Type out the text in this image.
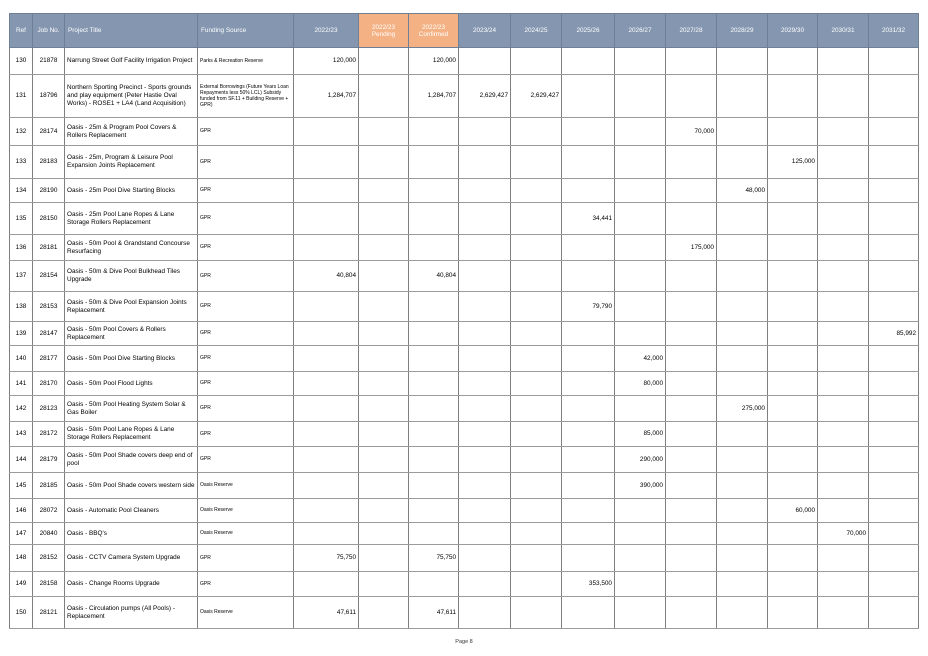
Ref	Job No.	Project Title	Funding Source	2022/23	2022/23 Pending	2022/23 Confirmed	2023/24	2024/25	2025/26	2026/27	2027/28	2028/29	2029/30	2030/31	2031/32
130	21878	Narrung Street Golf Facility Irrigation Project	Parks & Recreation Reserve	120,000		120,000									
131	18796	Northern Sporting Precinct - Sports grounds and play equipment (Peter Hastie Oval Works) - ROSE1 + LA4 (Land Acquisition)	External Borrowings (Future Years Loan Repayments less 50% LCL) Subsidy funded from SF.11 + Building Reserve + GPR)	1,284,707		1,284,707	2,629,427	2,629,427							
132	28174	Oasis - 25m & Program Pool Covers & Rollers Replacement	GPR								70,000				
133	28183	Oasis - 25m, Program & Leisure Pool Expansion Joints Replacement	GPR										125,000		
134	28190	Oasis - 25m Pool Dive Starting Blocks	GPR									48,000			
135	28150	Oasis - 25m Pool Lane Ropes & Lane Storage Rollers Replacement	GPR						34,441						
136	28181	Oasis - 50m Pool & Grandstand Concourse Resurfacing	GPR								175,000				
137	28154	Oasis - 50m & Dive Pool Bulkhead Tiles Upgrade	GPR	40,804		40,804									
138	28153	Oasis - 50m & Dive Pool Expansion Joints Replacement	GPR						79,790						
139	28147	Oasis - 50m Pool Covers & Rollers Replacement	GPR												85,992
140	28177	Oasis - 50m Pool Dive Starting Blocks	GPR							42,000					
141	28170	Oasis - 50m Pool Flood Lights	GPR							80,000					
142	28123	Oasis - 50m Pool Heating System Solar & Gas Boiler	GPR									275,000			
143	28172	Oasis - 50m Pool Lane Ropes & Lane Storage Rollers Replacement	GPR							85,000					
144	28179	Oasis - 50m Pool Shade covers deep end of pool	GPR							290,000					
145	28185	Oasis - 50m Pool Shade covers western side	Oasis Reserve							390,000					
146	28072	Oasis - Automatic Pool Cleaners	Oasis Reserve										60,000		
147	20840	Oasis - BBQ's	Oasis Reserve											70,000	
148	28152	Oasis - CCTV Camera System Upgrade	GPR	75,750		75,750									
149	28158	Oasis - Change Rooms Upgrade	GPR						353,500						
150	28121	Oasis - Circulation pumps (All Pools) - Replacement	Oasis Reserve	47,611		47,611									
Page 8
